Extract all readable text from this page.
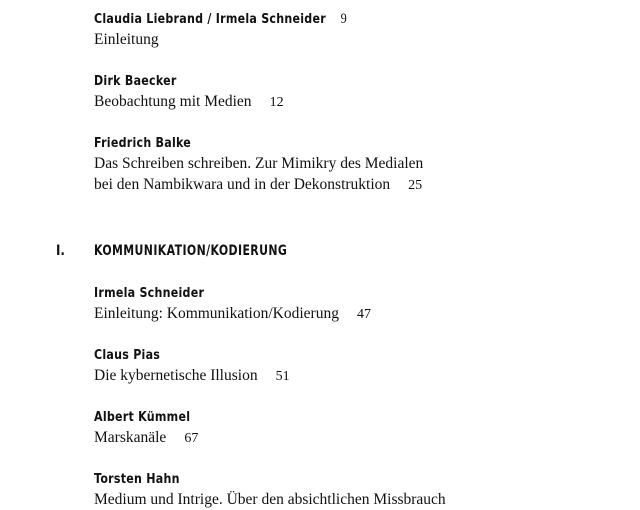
Claudia Liebrand / Irmela Schneider 9
Einleitung
Dirk Baecker
Beobachtung mit Medien 12
Friedrich Balke
Das Schreiben schreiben. Zur Mimikry des Medialen
bei den Nambikwara und in der Dekonstruktion 25
I. KOMMUNIKATION/KODIERUNG
Irmela Schneider
Einleitung: Kommunikation/Kodierung 47
Claus Pias
Die kybernetische Illusion 51
Albert Kümmel
Marskanäle 67
Torsten Hahn
Medium und Intrige. Über den absichtlichen Missbrauch
